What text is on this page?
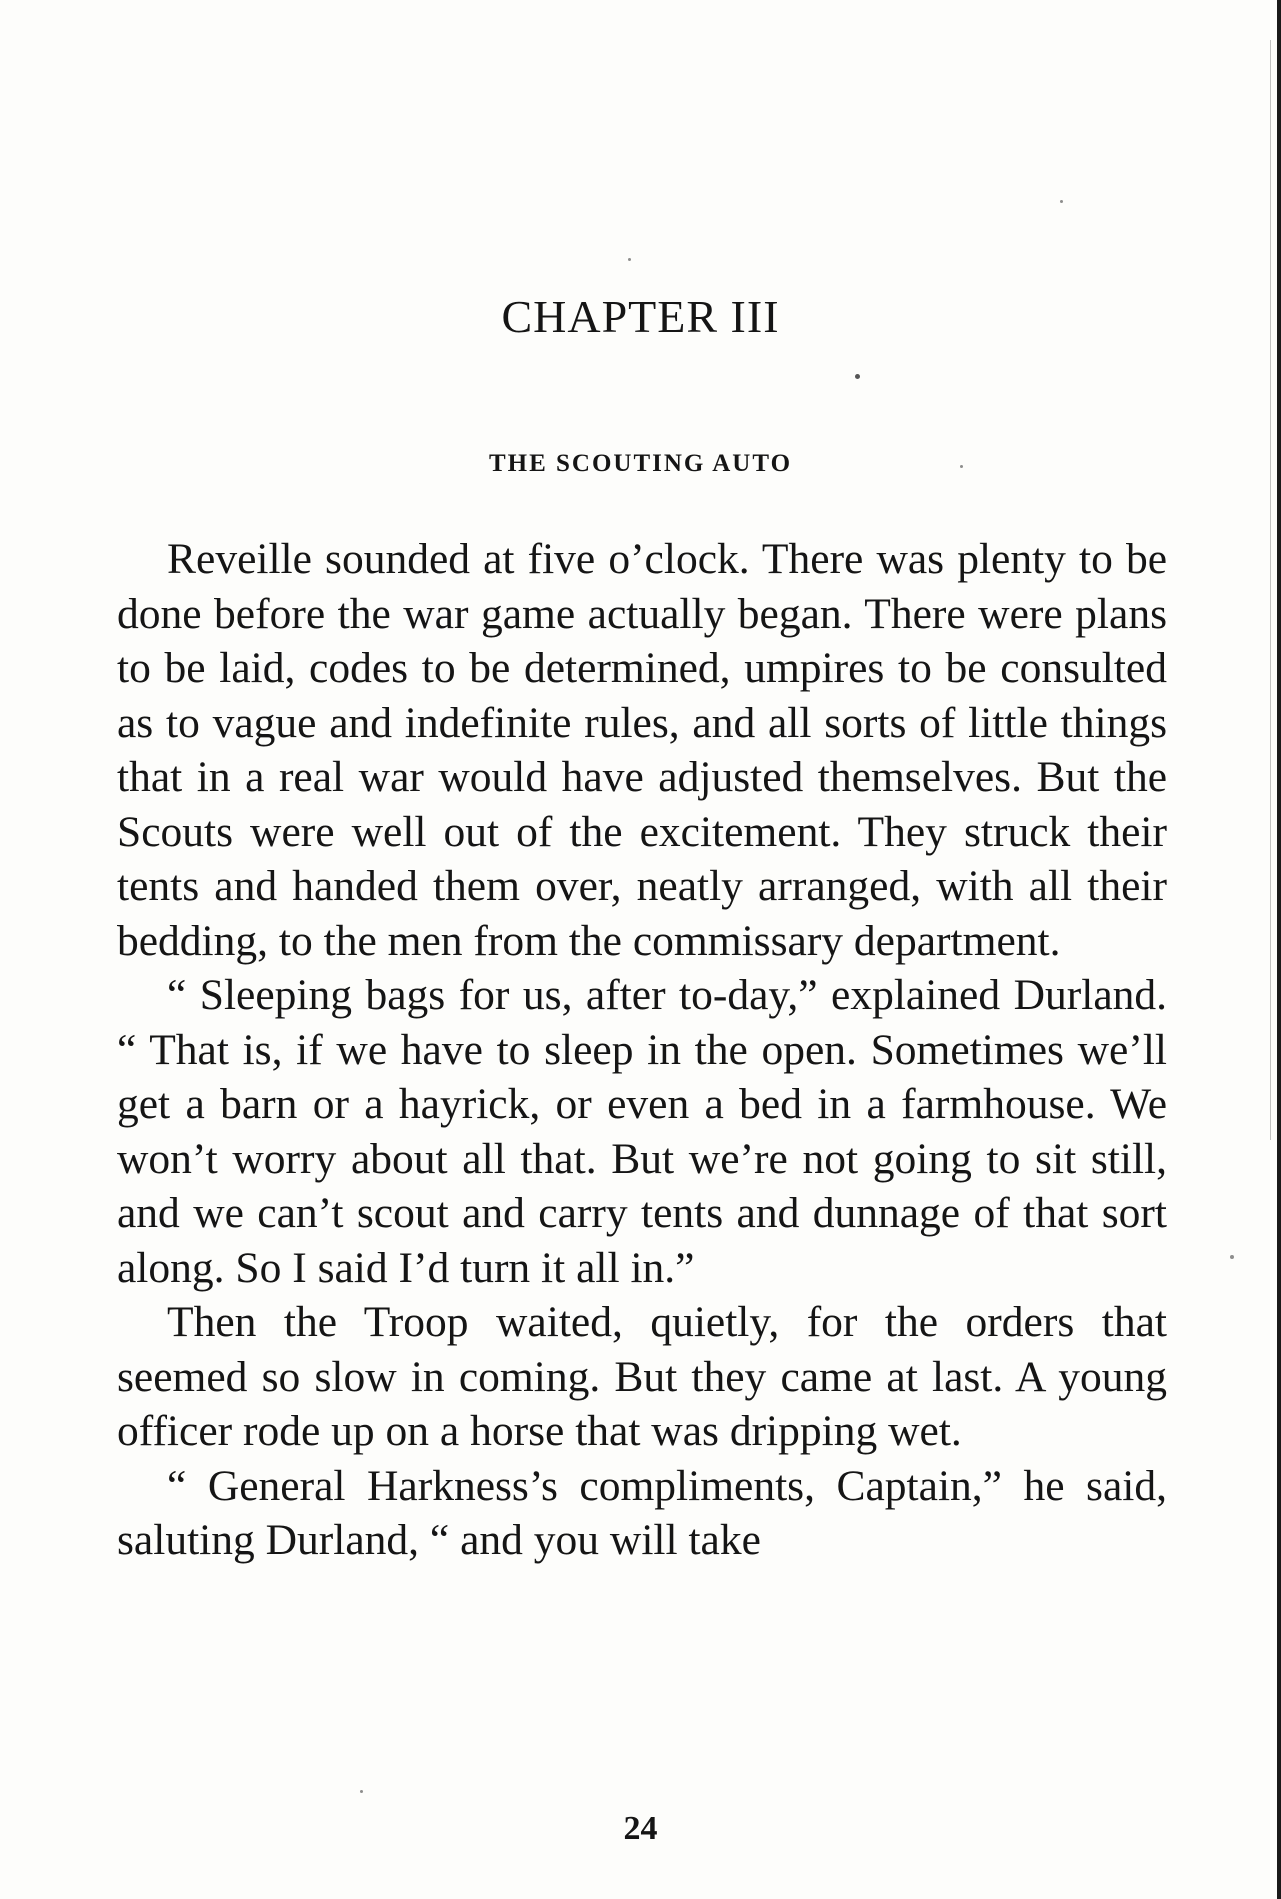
CHAPTER III
THE SCOUTING AUTO

Reveille sounded at five o’clock. There was plenty to be done before the war game actually began. There were plans to be laid, codes to be determined, umpires to be consulted as to vague and indefinite rules, and all sorts of little things that in a real war would have adjusted themselves. But the Scouts were well out of the excitement. They struck their tents and handed them over, neatly arranged, with all their bedding, to the men from the commissary department.

“ Sleeping bags for us, after to-day,” explained Durland. “ That is, if we have to sleep in the open. Sometimes we’ll get a barn or a hayrick, or even a bed in a farmhouse. We won’t worry about all that. But we’re not going to sit still, and we can’t scout and carry tents and dunnage of that sort along. So I said I’d turn it all in.”

Then the Troop waited, quietly, for the orders that seemed so slow in coming. But they came at last. A young officer rode up on a horse that was dripping wet.

“ General Harkness’s compliments, Captain,” he said, saluting Durland, “ and you will take

24
